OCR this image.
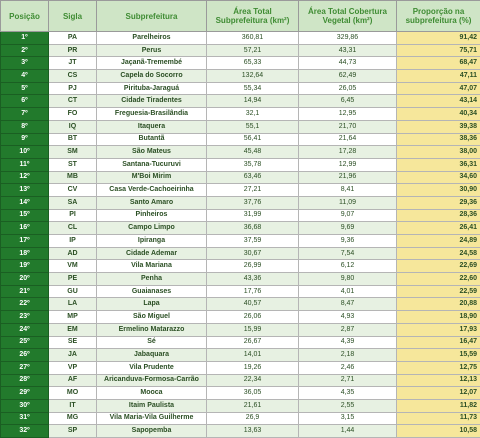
Posição	Sigla	Subprefeitura	Área Total Subprefeitura (km²)	Área Total Cobertura Vegetal (km²)	Proporção na subprefeitura (%)
1º	PA	Parelheiros	360,81	329,86	91,42
2º	PR	Perus	57,21	43,31	75,71
3º	JT	Jaçanã-Tremembé	65,33	44,73	68,47
4º	CS	Capela do Socorro	132,64	62,49	47,11
5º	PJ	Pirituba-Jaraguá	55,34	26,05	47,07
6º	CT	Cidade Tiradentes	14,94	6,45	43,14
7º	FO	Freguesia-Brasilândia	32,1	12,95	40,34
8º	IQ	Itaquera	55,1	21,70	39,38
9º	BT	Butantã	56,41	21,64	38,36
10º	SM	São Mateus	45,48	17,28	38,00
11º	ST	Santana-Tucuruvi	35,78	12,99	36,31
12º	MB	M'Boi Mirim	63,46	21,96	34,60
13º	CV	Casa Verde-Cachoeirinha	27,21	8,41	30,90
14º	SA	Santo Amaro	37,76	11,09	29,36
15º	PI	Pinheiros	31,99	9,07	28,36
16º	CL	Campo Limpo	36,68	9,69	26,41
17º	IP	Ipiranga	37,59	9,36	24,89
18º	AD	Cidade Ademar	30,67	7,54	24,58
19º	VM	Vila Mariana	26,99	6,12	22,69
20º	PE	Penha	43,36	9,80	22,60
21º	GU	Guaianases	17,76	4,01	22,59
22º	LA	Lapa	40,57	8,47	20,88
23º	MP	São Miguel	26,06	4,93	18,90
24º	EM	Ermelino Matarazzo	15,99	2,87	17,93
25º	SE	Sé	26,67	4,39	16,47
26º	JA	Jabaquara	14,01	2,18	15,59
27º	VP	Vila Prudente	19,26	2,46	12,75
28º	AF	Aricanduva-Formosa-Carrão	22,34	2,71	12,13
29º	MO	Mooca	36,05	4,35	12,07
30º	IT	Itaim Paulista	21,61	2,55	11,82
31º	MG	Vila Maria-Vila Guilherme	26,9	3,15	11,73
32º	SP	Sapopemba	13,63	1,44	10,58
